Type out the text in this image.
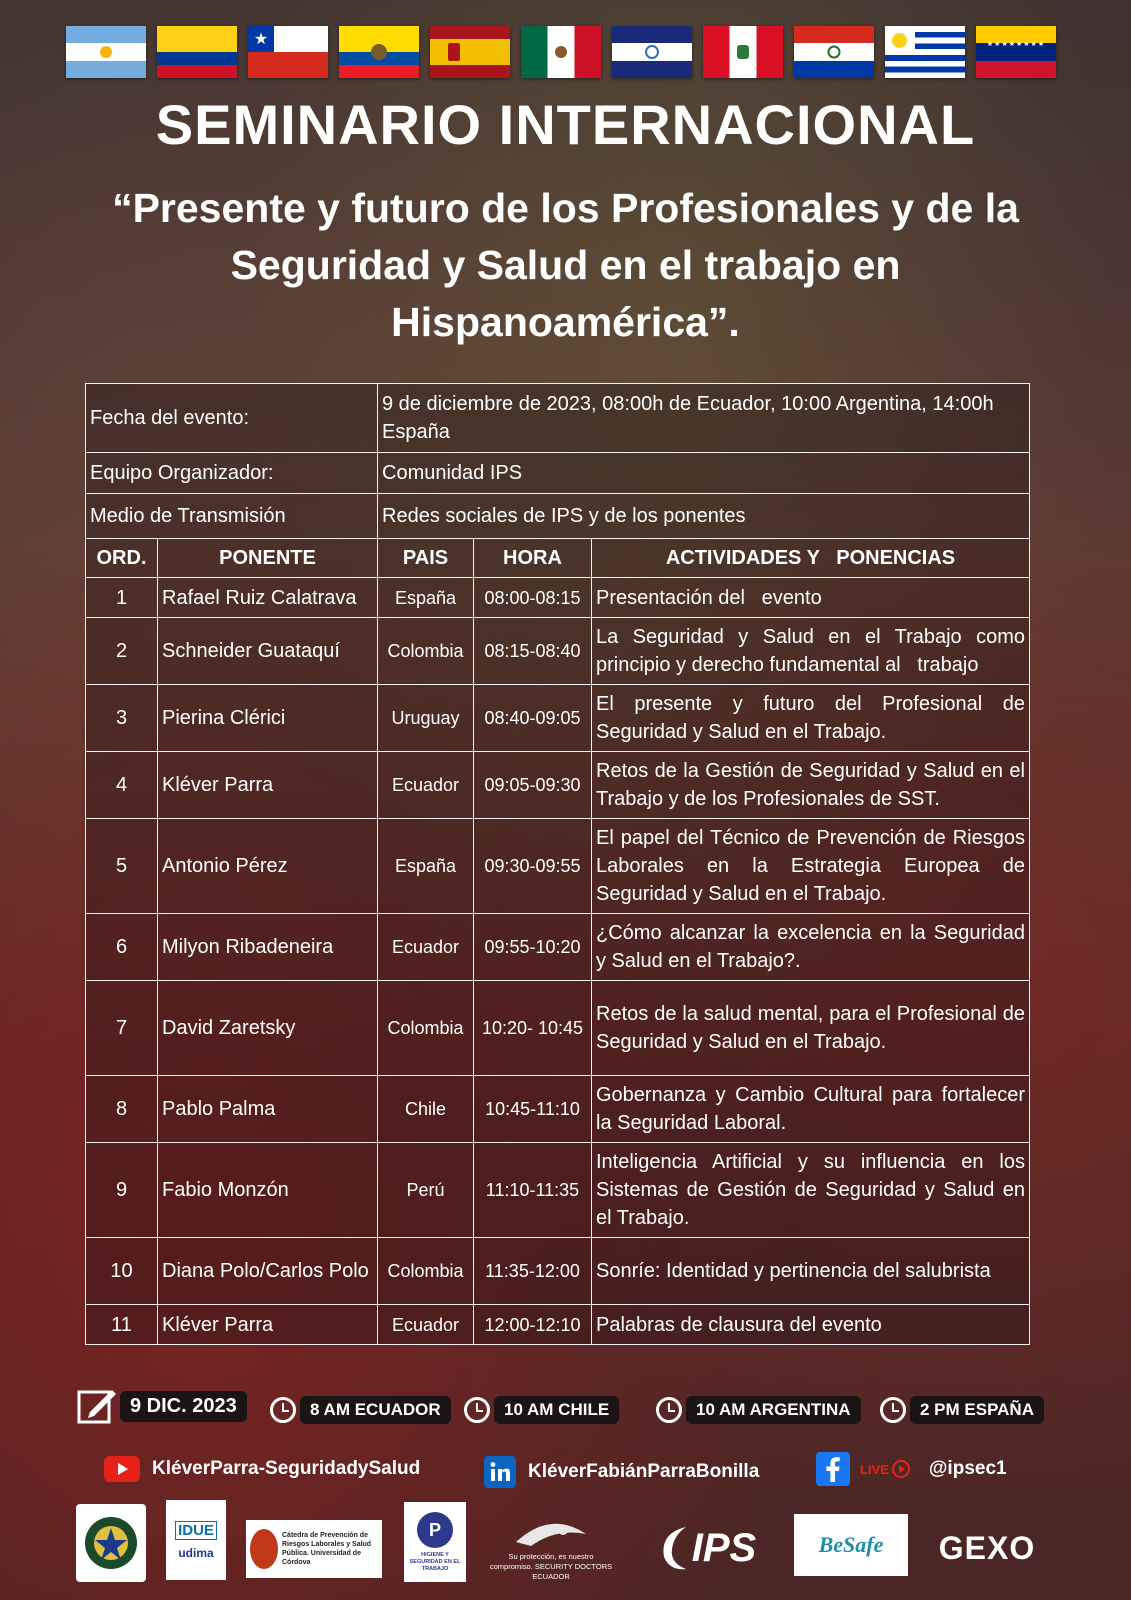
★	★★★★★★★★
SEMINARIO INTERNACIONAL
“Presente y futuro de los Profesionales y de la Seguridad y Salud en el trabajo en Hispanoamérica”.
Fecha del evento:		9 de diciembre de 2023, 08:00h de Ecuador, 10:00 Argentina, 14:00h España		
Equipo Organizador:		Comunidad IPS		
Medio de Transmisión		Redes sociales de IPS y de los ponentes		
ORD.	PONENTE	PAIS	HORA	ACTIVIDADES Y   PONENCIAS
1	Rafael Ruiz Calatrava	España	08:00-08:15	Presentación del   evento
2	Schneider Guataquí	Colombia	08:15-08:40	La Seguridad y Salud en el Trabajo como principio y derecho fundamental al   trabajo
3	Pierina Clérici	Uruguay	08:40-09:05	El presente y futuro del Profesional de Seguridad y Salud en el Trabajo.
4	Kléver Parra	Ecuador	09:05-09:30	Retos de la Gestión de Seguridad y Salud en el Trabajo y de los Profesionales de SST.
5	Antonio Pérez	España	09:30-09:55	El papel del Técnico de Prevención de Riesgos Laborales en la Estrategia Europea de Seguridad y Salud en el Trabajo.
6	Milyon Ribadeneira	Ecuador	09:55-10:20	¿Cómo alcanzar la excelencia en la Seguridad y Salud en el Trabajo?.
7	David Zaretsky	Colombia	10:20- 10:45	Retos de la salud mental, para el Profesional de Seguridad y Salud en el Trabajo.
8	Pablo Palma	Chile	10:45-11:10	Gobernanza y Cambio Cultural para fortalecer la Seguridad Laboral.
9	Fabio Monzón	Perú	11:10-11:35	Inteligencia Artificial y su influencia en los Sistemas de Gestión de Seguridad y Salud en el Trabajo.
10	Diana Polo/Carlos Polo	Colombia	11:35-12:00	Sonríe: Identidad y pertinencia del salubrista
11	Kléver Parra	Ecuador	12:00-12:10	Palabras de clausura del evento
9 DIC. 2023	8 AM ECUADOR	10 AM CHILE	10 AM ARGENTINA	2 PM ESPAÑA
KléverParra-SeguridadySalud	KléverFabiánParraBonilla	LIVE @ipsec1
IDUE
udima
Cátedra de Prevención de Riesgos Laborales y Salud Pública. Universidad de Córdova
P
HIGIENE Y SEGURIDAD EN EL TRABAJO
Su protección, es nuestro compromiso. SECURITY DOCTORS ECUADOR
IPS	BeSafe GEXO
